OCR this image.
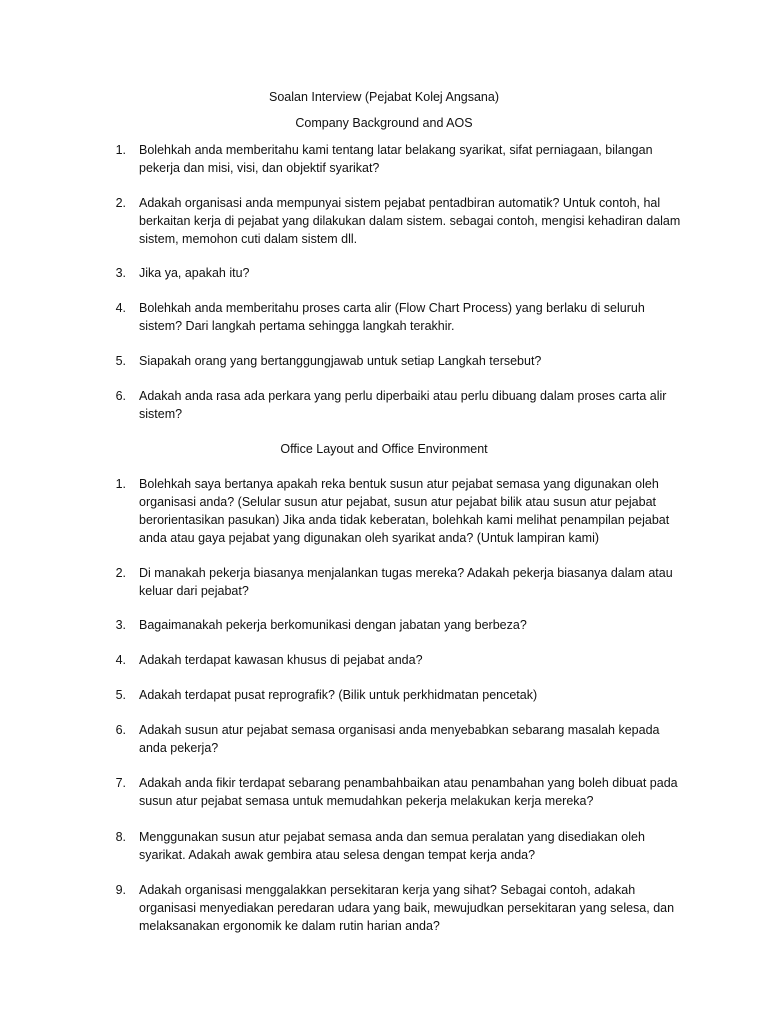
Soalan Interview (Pejabat Kolej Angsana)
Company Background and AOS
1. Bolehkah anda memberitahu kami tentang latar belakang syarikat, sifat perniagaan, bilangan pekerja dan misi, visi, dan objektif syarikat?
2. Adakah organisasi anda mempunyai sistem pejabat pentadbiran automatik? Untuk contoh, hal berkaitan kerja di pejabat yang dilakukan dalam sistem. sebagai contoh, mengisi kehadiran dalam sistem, memohon cuti dalam sistem dll.
3. Jika ya, apakah itu?
4. Bolehkah anda memberitahu proses carta alir (Flow Chart Process) yang berlaku di seluruh sistem? Dari langkah pertama sehingga langkah terakhir.
5. Siapakah orang yang bertanggungjawab untuk setiap Langkah tersebut?
6. Adakah anda rasa ada perkara yang perlu diperbaiki atau perlu dibuang dalam proses carta alir sistem?
Office Layout and Office Environment
1. Bolehkah saya bertanya apakah reka bentuk susun atur pejabat semasa yang digunakan oleh organisasi anda? (Selular susun atur pejabat, susun atur pejabat bilik atau susun atur pejabat berorientasikan pasukan) Jika anda tidak keberatan, bolehkah kami melihat penampilan pejabat anda atau gaya pejabat yang digunakan oleh syarikat anda? (Untuk lampiran kami)
2. Di manakah pekerja biasanya menjalankan tugas mereka? Adakah pekerja biasanya dalam atau keluar dari pejabat?
3. Bagaimanakah pekerja berkomunikasi dengan jabatan yang berbeza?
4. Adakah terdapat kawasan khusus di pejabat anda?
5. Adakah terdapat pusat reprografik? (Bilik untuk perkhidmatan pencetak)
6. Adakah susun atur pejabat semasa organisasi anda menyebabkan sebarang masalah kepada anda pekerja?
7. Adakah anda fikir terdapat sebarang penambahbaikan atau penambahan yang boleh dibuat pada susun atur pejabat semasa untuk memudahkan pekerja melakukan kerja mereka?
8. Menggunakan susun atur pejabat semasa anda dan semua peralatan yang disediakan oleh syarikat. Adakah awak gembira atau selesa dengan tempat kerja anda?
9. Adakah organisasi menggalakkan persekitaran kerja yang sihat? Sebagai contoh, adakah organisasi menyediakan peredaran udara yang baik, mewujudkan persekitaran yang selesa, dan melaksanakan ergonomik ke dalam rutin harian anda?
